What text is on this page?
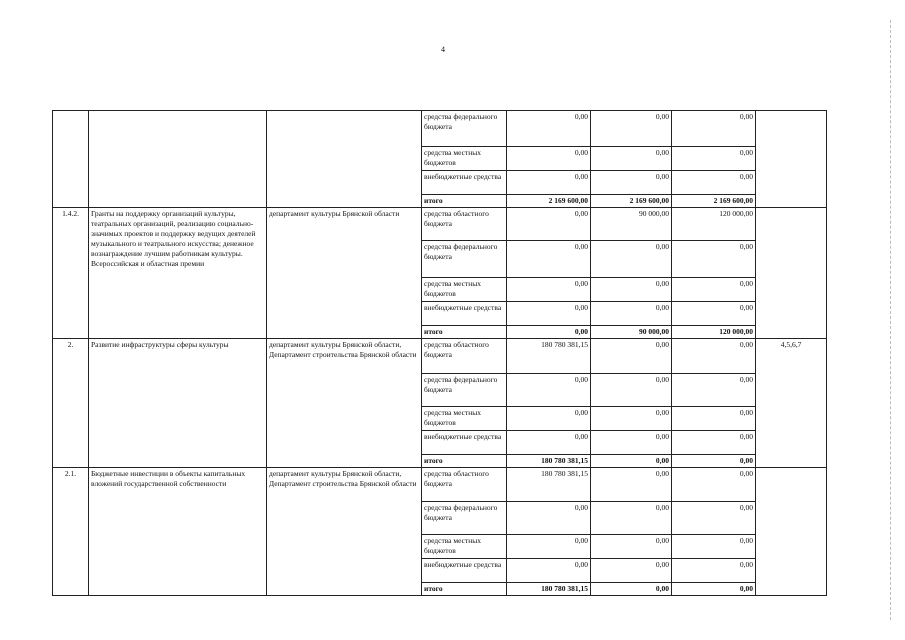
4
			средства федерального бюджета	0,00	0,00	0,00	
			средства местных бюджетов	0,00	0,00	0,00	
			внебюджетные средства	0,00	0,00	0,00	
			итого	2 169 600,00	2 169 600,00	2 169 600,00	
1.4.2.	Гранты на поддержку организаций культуры, театральных организаций, реализацию социально-значимых проектов и поддержку ведущих деятелей музыкального и театрального искусства; денежное вознаграждение лучшим работникам культуры. Всероссийская и областная премии	департамент культуры Брянской области	средства областного бюджета	0,00	90 000,00	120 000,00	
			средства федерального бюджета	0,00	0,00	0,00	
			средства местных бюджетов	0,00	0,00	0,00	
			внебюджетные средства	0,00	0,00	0,00	
			итого	0,00	90 000,00	120 000,00	
2.	Развитие инфраструктуры сферы культуры	департамент культуры Брянской области, Департамент строительства Брянской области	средства областного бюджета	180 780 381,15	0,00	0,00	4,5,6,7
			средства федерального бюджета	0,00	0,00	0,00	
			средства местных бюджетов	0,00	0,00	0,00	
			внебюджетные средства	0,00	0,00	0,00	
			итого	180 780 381,15	0,00	0,00	
2.1.	Бюджетные инвестиции в объекты капитальных вложений государственной собственности	департамент культуры Брянской области, Департамент строительства Брянской области	средства областного бюджета	180 780 381,15	0,00	0,00	
			средства федерального бюджета	0,00	0,00	0,00	
			средства местных бюджетов	0,00	0,00	0,00	
			внебюджетные средства	0,00	0,00	0,00	
			итого	180 780 381,15	0,00	0,00	
